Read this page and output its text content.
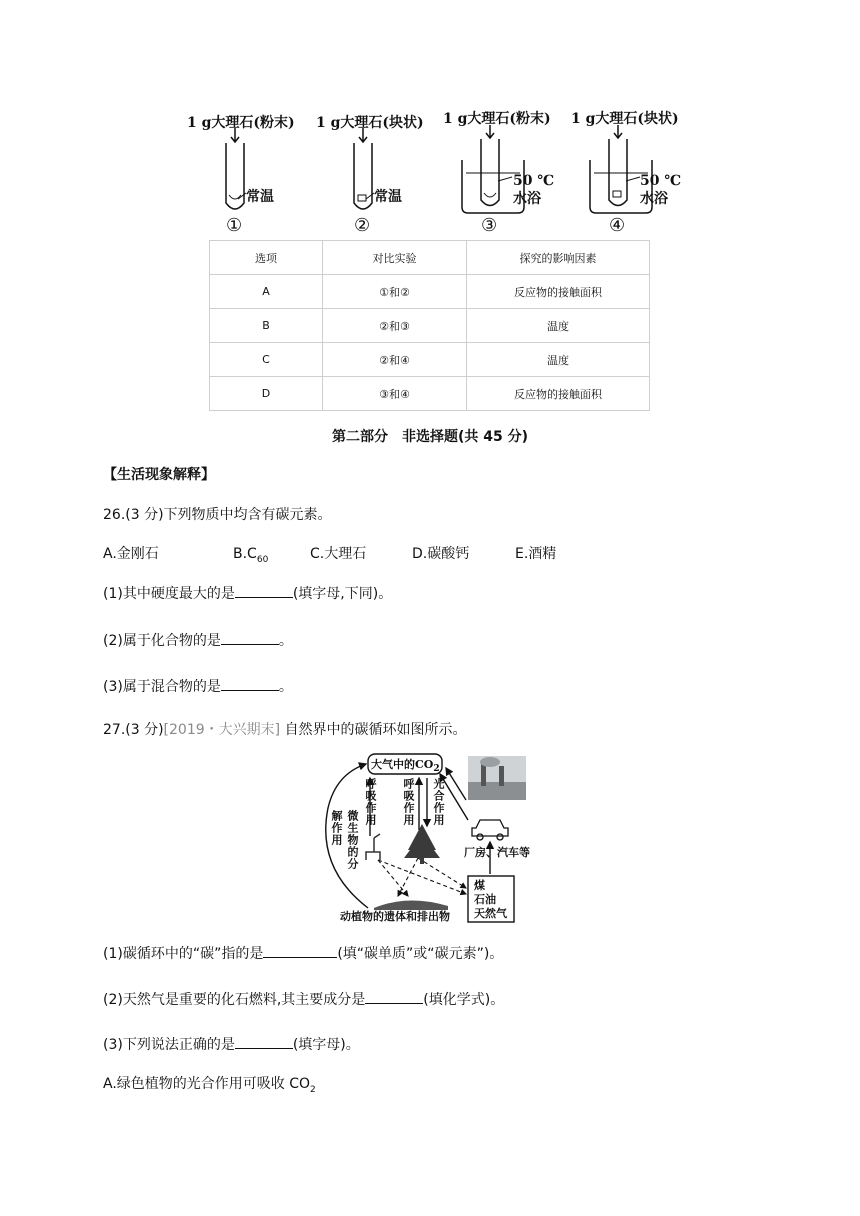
1 g大理石(粉末) 1 g大理石(块状) 1 g大理石(粉末) 1 g大理石(块状)
常温	常温
50 ℃
水浴
50 ℃
水浴
①	②	③	④
选项	对比实验	探究的影响因素
A	①和②	反应物的接触面积
B	②和③	温度
C	②和④	温度
D	③和④	反应物的接触面积
第二部分　非选择题(共 45 分)
【生活现象解释】
26.(3 分)下列物质中均含有碳元素。
A.金刚石	$B.C_{60}$	C.大理石	D.碳酸钙	E.酒精
(1)其中硬度最大的是	(填字母,下同)。
(2)属于化合物的是	。
(3)属于混合物的是	。
27.(3 分)[2019・大兴期末] 自然界中的碳循环如图所示。
大气中的$CO_2$
呼吸作用 呼吸作用 光合作用
微生物的分解作用
厂房、汽车等
煤
石油
天然气
动植物的遗体和排出物
(1)碳循环中的“碳”指的是	(填“碳单质”或“碳元素”)。
(2)天然气是重要的化石燃料,其主要成分是	(填化学式)。
(3)下列说法正确的是	(填字母)。
A.绿色植物的光合作用可吸收 $CO_2$
